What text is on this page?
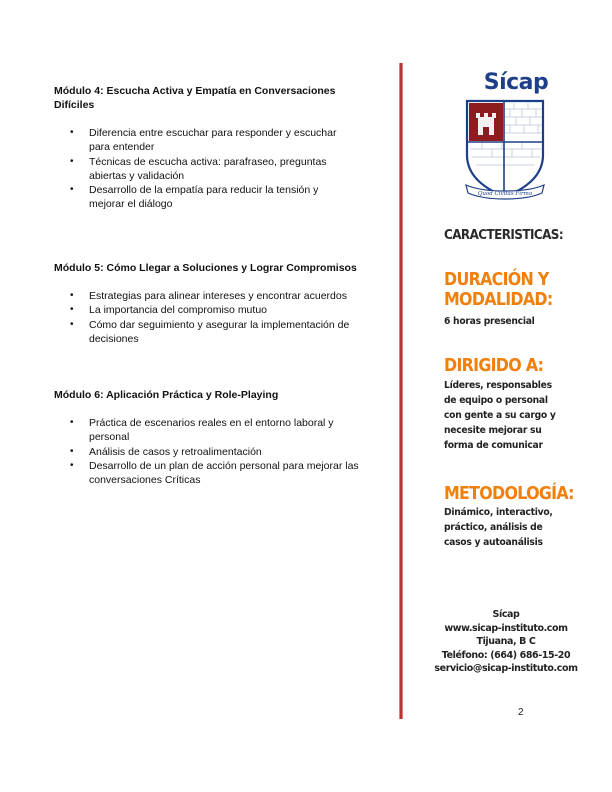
Módulo 4: Escucha Activa y Empatía en Conversaciones Difíciles

• Diferencia entre escuchar para responder y escuchar para entender
• Técnicas de escucha activa: parafraseo, preguntas abiertas y validación
• Desarrollo de la empatía para reducir la tensión y mejorar el diálogo

Módulo 5: Cómo Llegar a Soluciones y Lograr Compromisos

• Estrategias para alinear intereses y encontrar acuerdos
• La importancia del compromiso mutuo
• Cómo dar seguimiento y asegurar la implementación de decisiones

Módulo 6: Aplicación Práctica y Role-Playing

• Práctica de escenarios reales en el entorno laboral y personal
• Análisis de casos y retroalimentación
• Desarrollo de un plan de acción personal para mejorar las conversaciones Críticas
Sícap
Quod Civitas Firma
CARACTERISTICAS:
DURACIÓN Y MODALIDAD:
6 horas presencial
DIRIGIDO A:
Líderes, responsables de equipo o personal con gente a su cargo y necesite mejorar su forma de comunicar
METODOLOGÍA:
Dinámico, interactivo, práctico, análisis de casos y autoanálisis
Sícap
www.sicap-instituto.com
Tijuana, B C
Teléfono: (664) 686-15-20
servicio@sicap-instituto.com
2
